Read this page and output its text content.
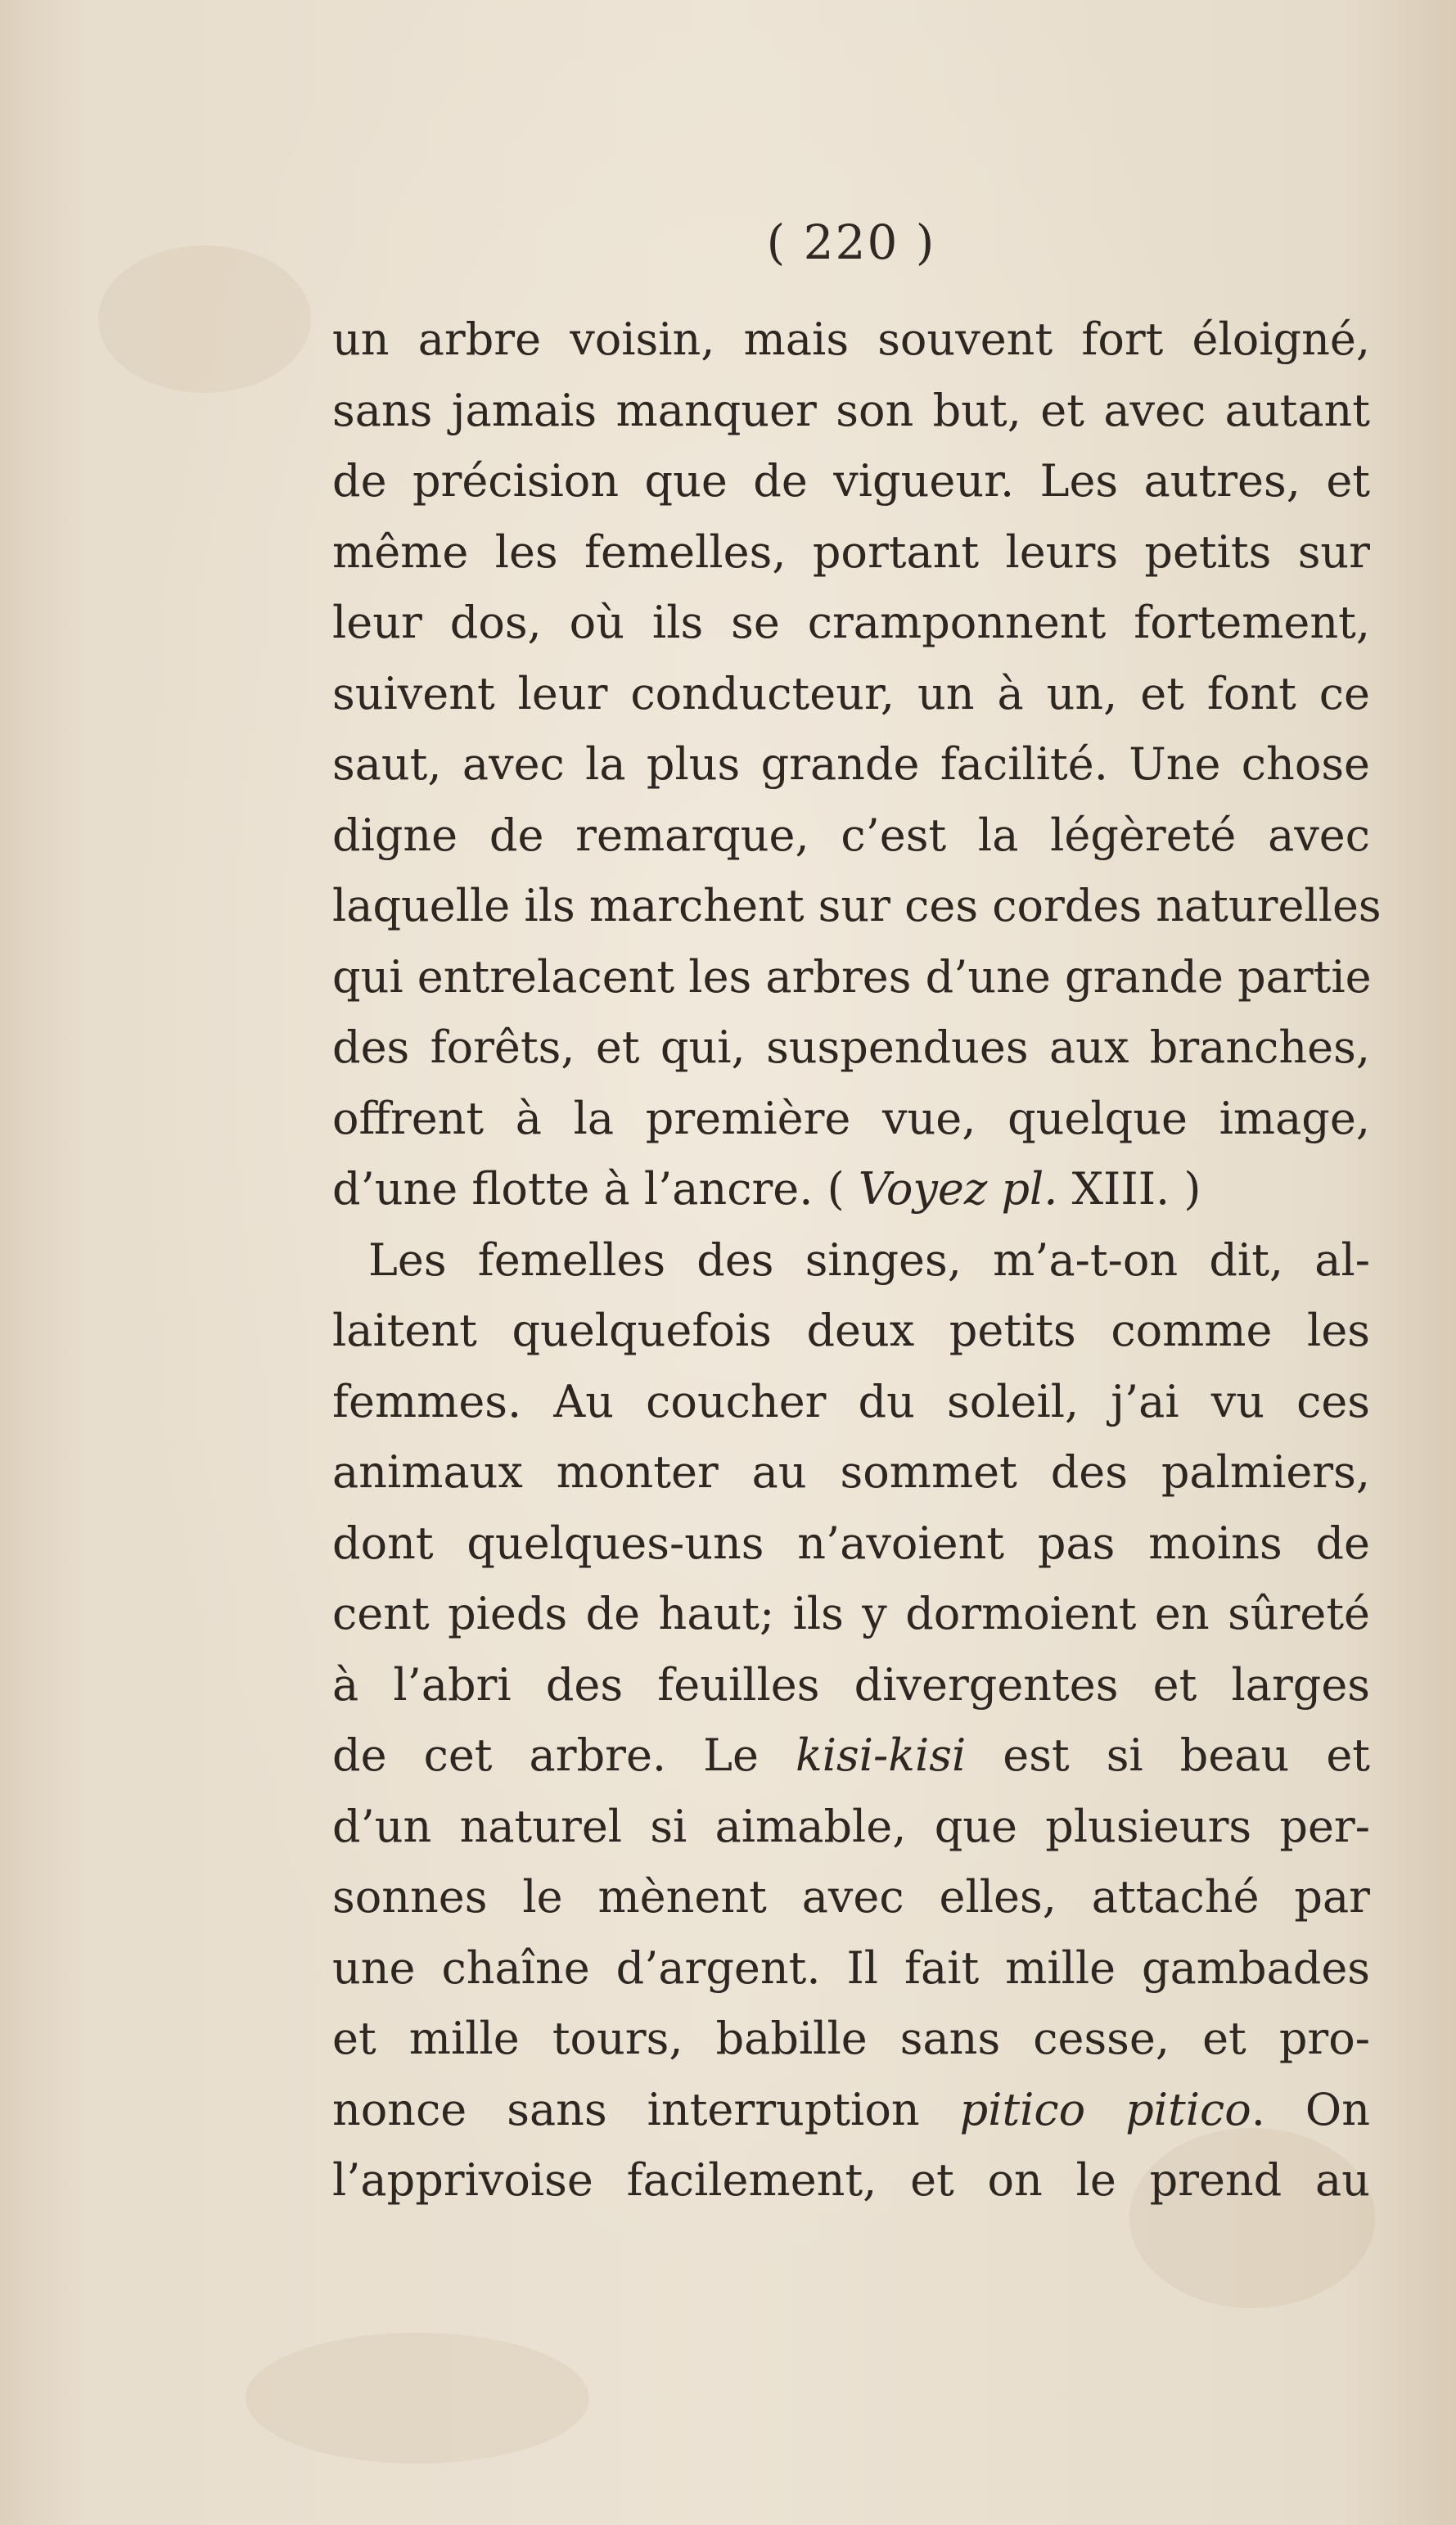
( 220 )
un arbre voisin, mais souvent fort éloigné,
sans jamais manquer son but, et avec autant
de précision que de vigueur. Les autres, et
même les femelles, portant leurs petits sur
leur dos, où ils se cramponnent fortement,
suivent leur conducteur, un à un, et font ce
saut, avec la plus grande facilité. Une chose
digne de remarque, c’est la légèreté avec
laquelle ils marchent sur ces cordes naturelles
qui entrelacent les arbres d’une grande partie
des forêts, et qui, suspendues aux branches,
offrent à la première vue, quelque image,
d’une flotte à l’ancre. ( Voyez pl. XIII. )
Les femelles des singes, m’a-t-on dit, al-
laitent quelquefois deux petits comme les
femmes. Au coucher du soleil, j’ai vu ces
animaux monter au sommet des palmiers,
dont quelques-uns n’avoient pas moins de
cent pieds de haut; ils y dormoient en sûreté
à l’abri des feuilles divergentes et larges
de cet arbre. Le kisi-kisi est si beau et
d’un naturel si aimable, que plusieurs per-
sonnes le mènent avec elles, attaché par
une chaîne d’argent. Il fait mille gambades
et mille tours, babille sans cesse, et pro-
nonce sans interruption pitico pitico. On
l’apprivoise facilement, et on le prend au
